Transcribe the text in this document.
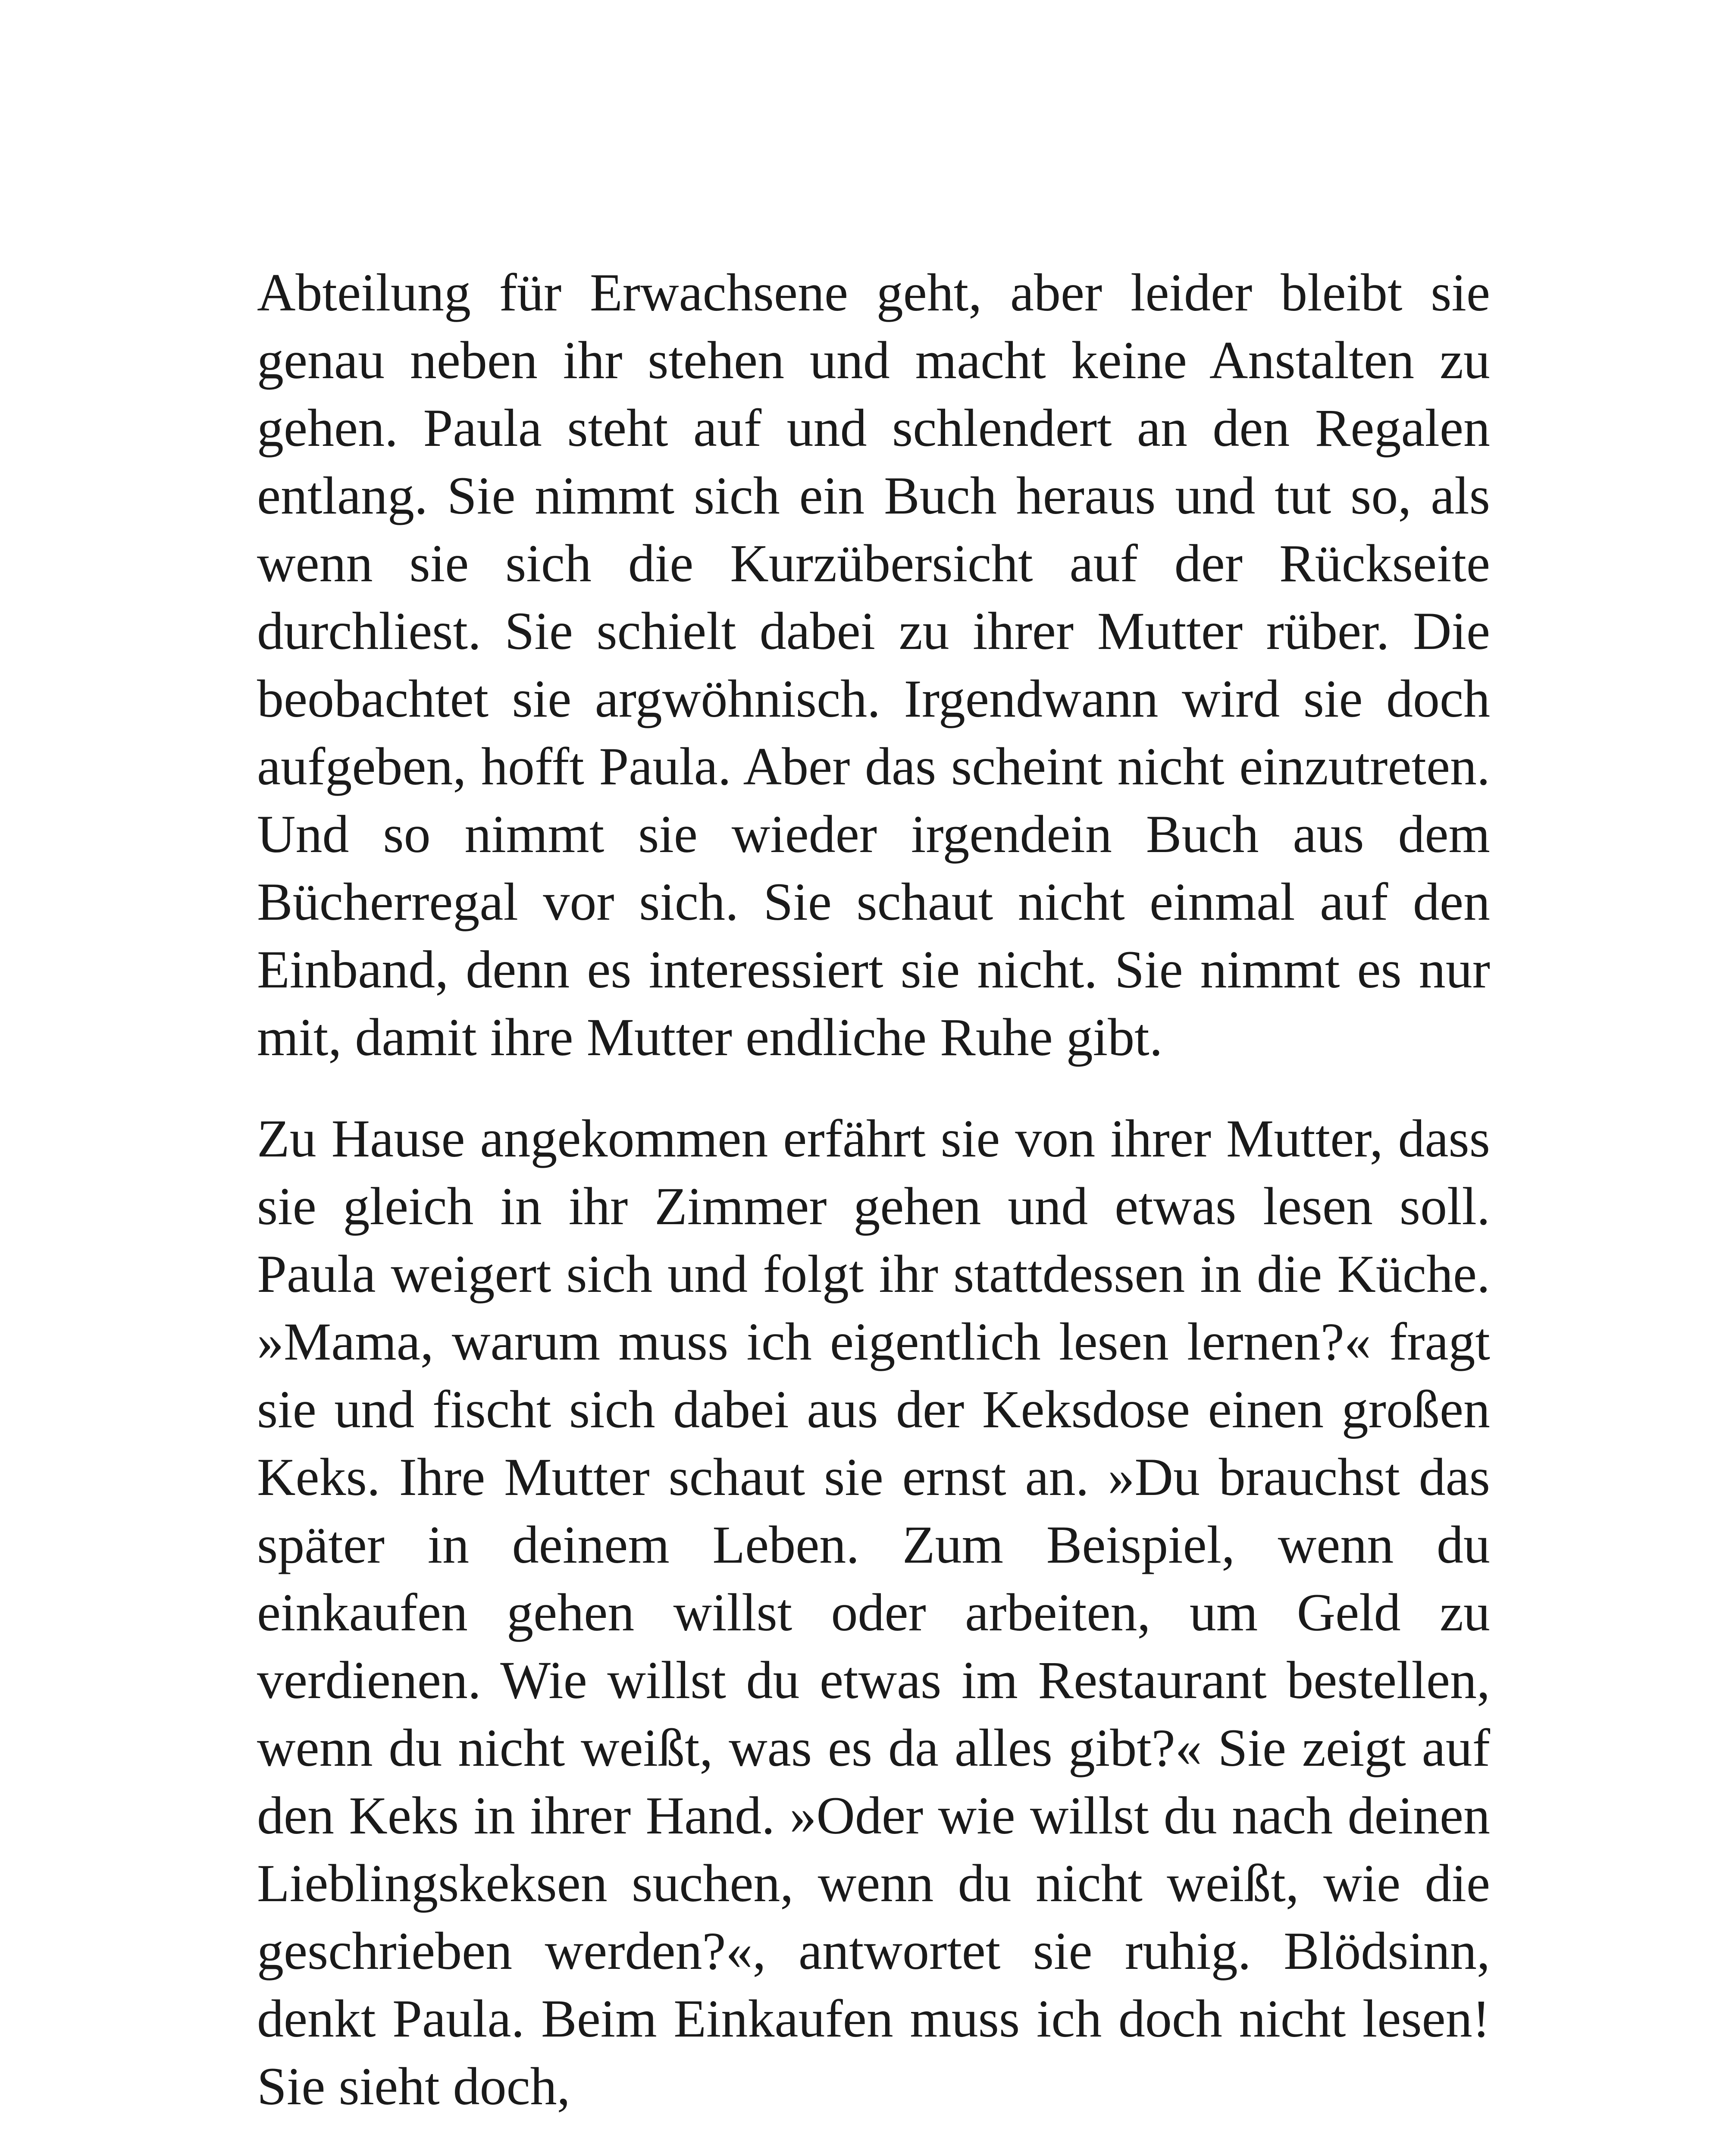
Abteilung für Erwachsene geht, aber leider bleibt sie genau neben ihr stehen und macht keine Anstalten zu gehen. Paula steht auf und schlendert an den Regalen entlang. Sie nimmt sich ein Buch heraus und tut so, als wenn sie sich die Kurzübersicht auf der Rückseite durchliest. Sie schielt dabei zu ihrer Mutter rüber. Die beobachtet sie argwöhnisch. Irgendwann wird sie doch aufgeben, hofft Paula. Aber das scheint nicht einzutreten. Und so nimmt sie wieder irgendein Buch aus dem Bücherregal vor sich. Sie schaut nicht einmal auf den Einband, denn es interessiert sie nicht. Sie nimmt es nur mit, damit ihre Mutter endliche Ruhe gibt.

Zu Hause angekommen erfährt sie von ihrer Mutter, dass sie gleich in ihr Zimmer gehen und etwas lesen soll. Paula weigert sich und folgt ihr stattdessen in die Küche. »Mama, warum muss ich eigentlich lesen lernen?« fragt sie und fischt sich dabei aus der Keksdose einen großen Keks. Ihre Mutter schaut sie ernst an. »Du brauchst das später in deinem Leben. Zum Beispiel, wenn du einkaufen gehen willst oder arbeiten, um Geld zu verdienen. Wie willst du etwas im Restaurant bestellen, wenn du nicht weißt, was es da alles gibt?« Sie zeigt auf den Keks in ihrer Hand. »Oder wie willst du nach deinen Lieblingskeksen suchen, wenn du nicht weißt, wie die geschrieben werden?«, antwortet sie ruhig. Blödsinn, denkt Paula. Beim Einkaufen muss ich doch nicht lesen! Sie sieht doch,
